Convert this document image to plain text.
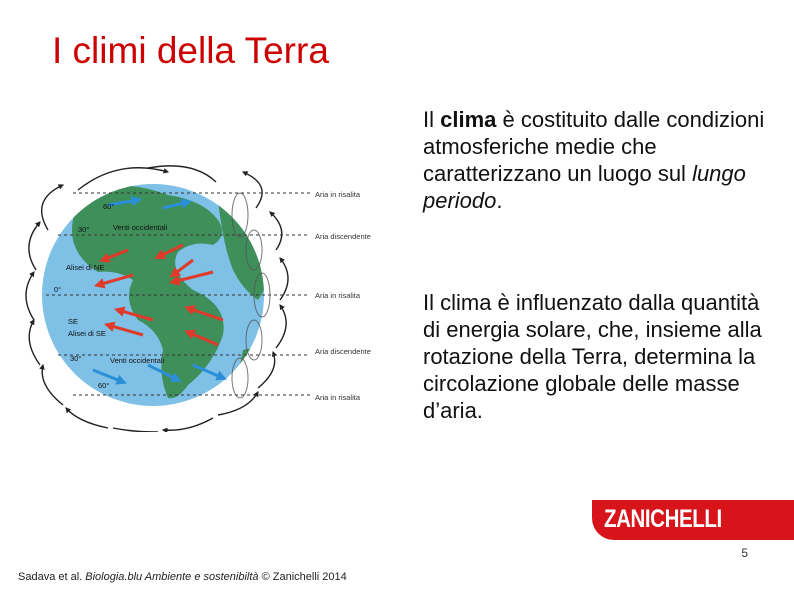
I climi della Terra
Il clima è costituito dalle condizioni atmosferiche medie che caratterizzano un luogo sul lungo periodo.
Il clima è influenzato dalla quantità di energia solare, che, insieme alla rotazione della Terra, determina la circolazione globale delle masse d’aria.
60°
30°
0°
30°
60°
Venti occidentali
Alisei di NE
SE
Alisei di SE
Venti occidentali
Aria in risalita
Aria discendente
Aria in risalita
Aria discendente
Aria in risalita
ZANICHELLI
5
Sadava et al. Biologia.blu Ambiente e sostenibiltà © Zanichelli 2014
